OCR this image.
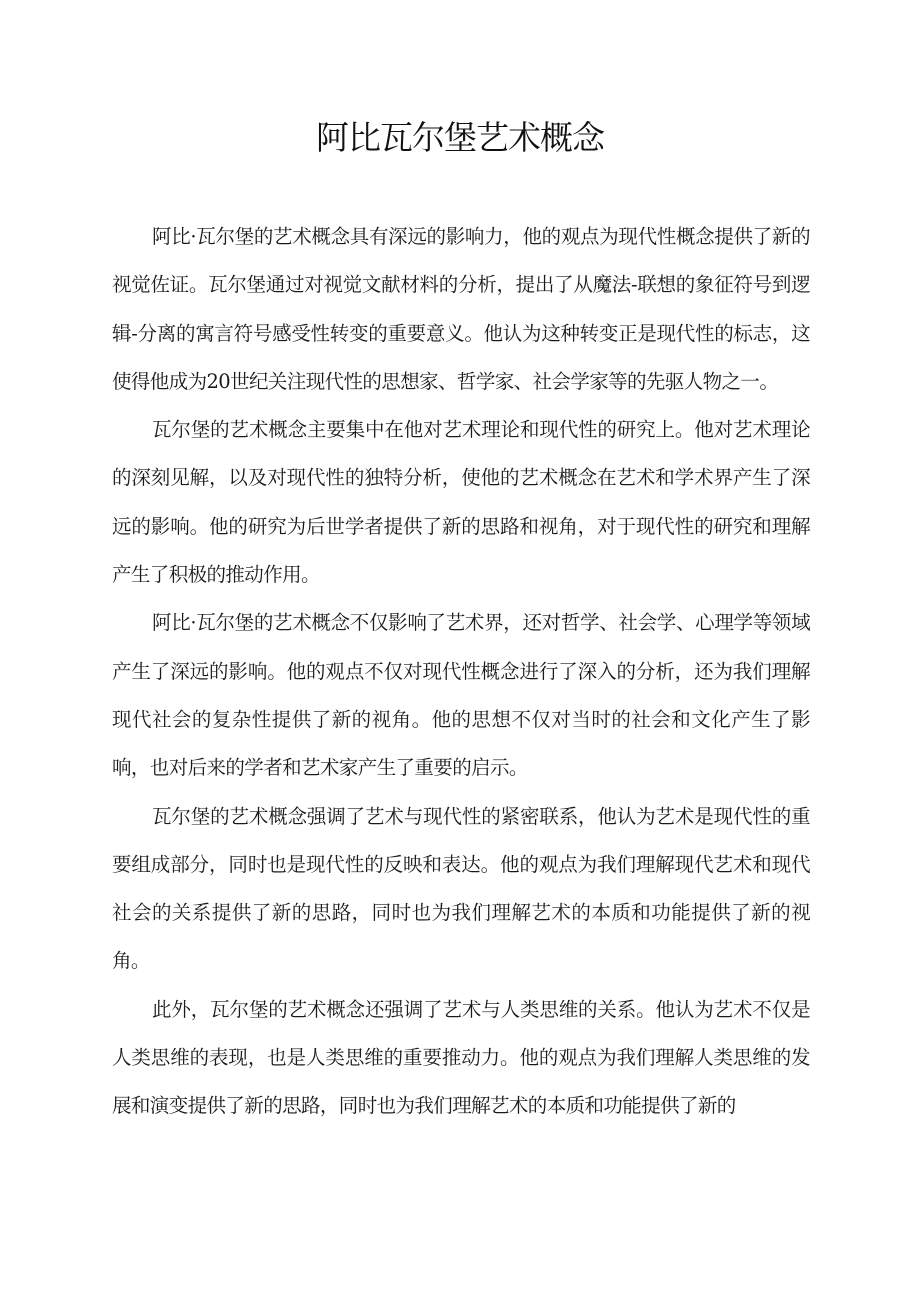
阿比瓦尔堡艺术概念

阿比·瓦尔堡的艺术概念具有深远的影响力，他的观点为现代性概念提供了新的视觉佐证。瓦尔堡通过对视觉文献材料的分析，提出了从魔法-联想的象征符号到逻辑-分离的寓言符号感受性转变的重要意义。他认为这种转变正是现代性的标志，这使得他成为20世纪关注现代性的思想家、哲学家、社会学家等的先驱人物之一。

瓦尔堡的艺术概念主要集中在他对艺术理论和现代性的研究上。他对艺术理论的深刻见解，以及对现代性的独特分析，使他的艺术概念在艺术和学术界产生了深远的影响。他的研究为后世学者提供了新的思路和视角，对于现代性的研究和理解产生了积极的推动作用。

阿比·瓦尔堡的艺术概念不仅影响了艺术界，还对哲学、社会学、心理学等领域产生了深远的影响。他的观点不仅对现代性概念进行了深入的分析，还为我们理解现代社会的复杂性提供了新的视角。他的思想不仅对当时的社会和文化产生了影响，也对后来的学者和艺术家产生了重要的启示。

瓦尔堡的艺术概念强调了艺术与现代性的紧密联系，他认为艺术是现代性的重要组成部分，同时也是现代性的反映和表达。他的观点为我们理解现代艺术和现代社会的关系提供了新的思路，同时也为我们理解艺术的本质和功能提供了新的视角。

此外，瓦尔堡的艺术概念还强调了艺术与人类思维的关系。他认为艺术不仅是人类思维的表现，也是人类思维的重要推动力。他的观点为我们理解人类思维的发展和演变提供了新的思路，同时也为我们理解艺术的本质和功能提供了新的
